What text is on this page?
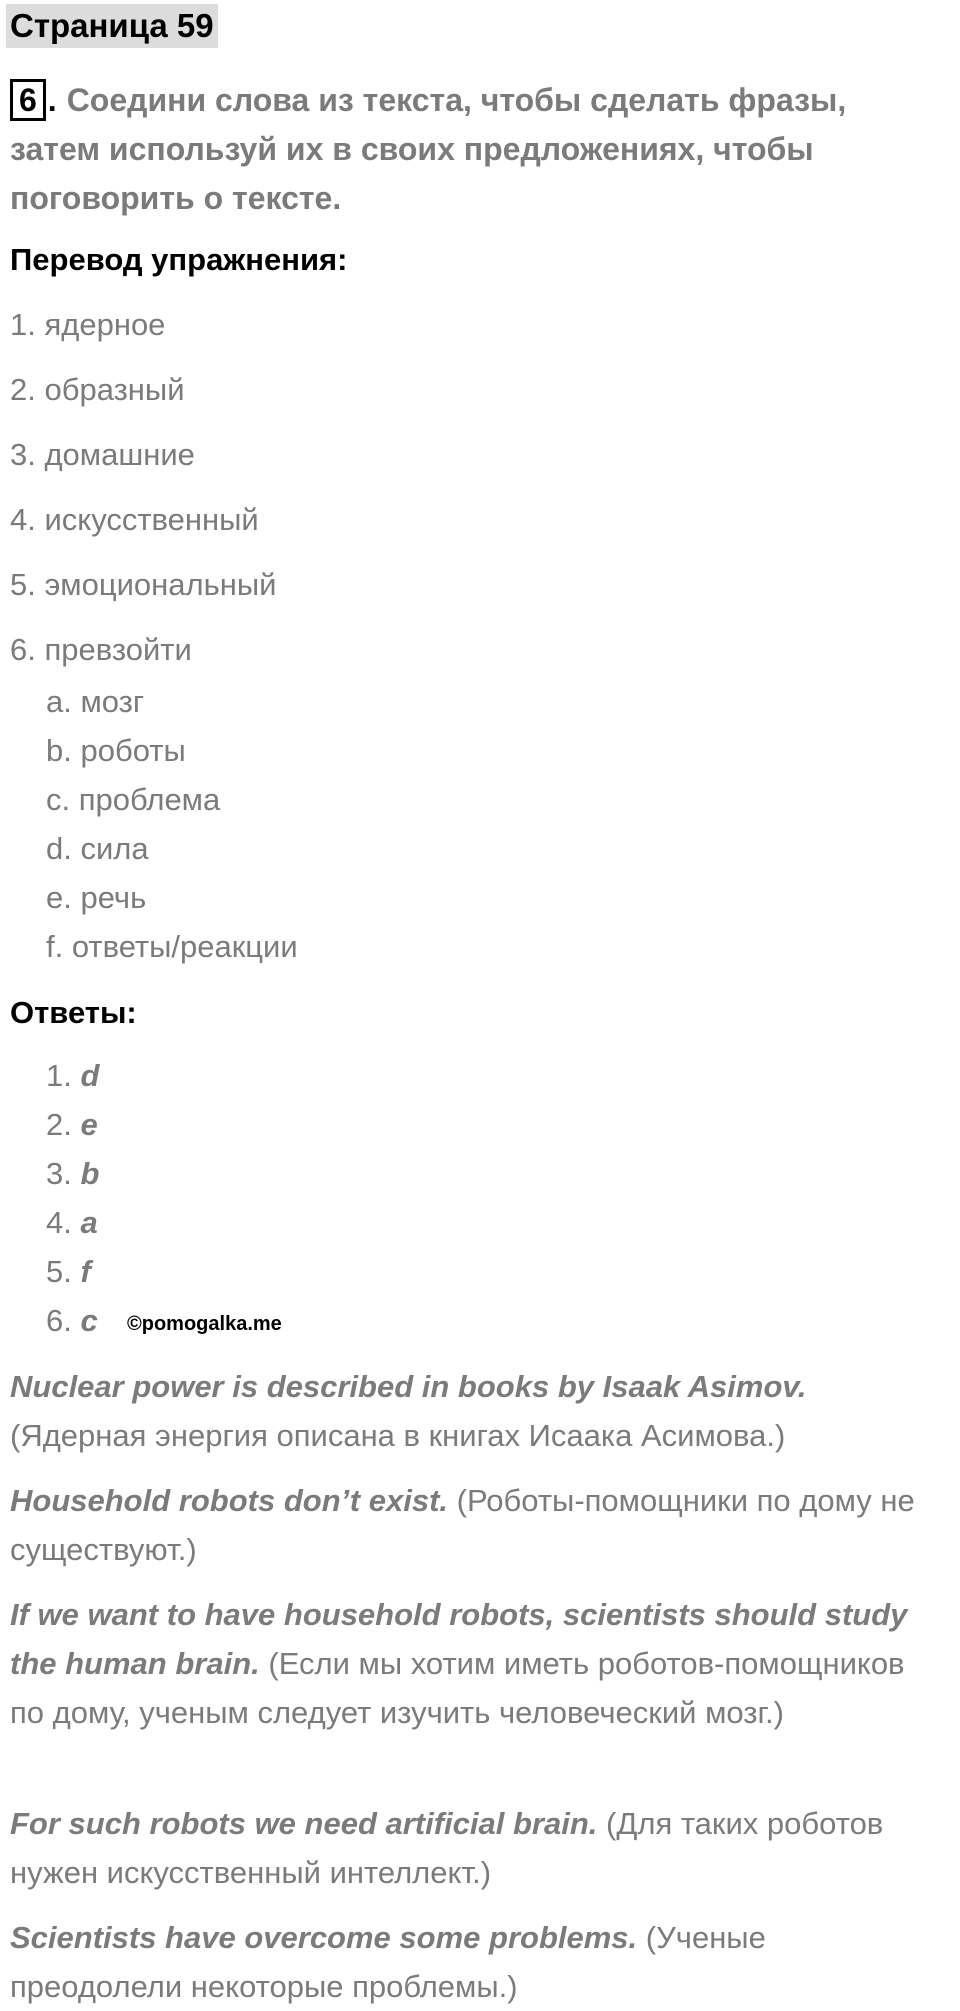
Страница 59
6 . Соедини слова из текста, чтобы сделать фразы, затем используй их в своих предложениях, чтобы поговорить о тексте.
Перевод упражнения:
1. ядерное
2. образный
3. домашние
4. искусственный
5. эмоциональный
6. превзойти
a. мозг
b. роботы
c. проблема
d. сила
e. речь
f. ответы/реакции
Ответы:
1. d
2. e
3. b
4. a
5. f
6. c ©pomogalka.me
Nuclear power is described in books by Isaak Asimov. (Ядерная энергия описана в книгах Исаака Асимова.)
Household robots don’t exist. (Роботы-помощники по дому не существуют.)
If we want to have household robots, scientists should study the human brain. (Если мы хотим иметь роботов-помощников по дому, ученым следует изучить человеческий мозг.)
For such robots we need artificial brain. (Для таких роботов нужен искусственный интеллект.)
Scientists have overcome some problems. (Ученые преодолели некоторые проблемы.)
